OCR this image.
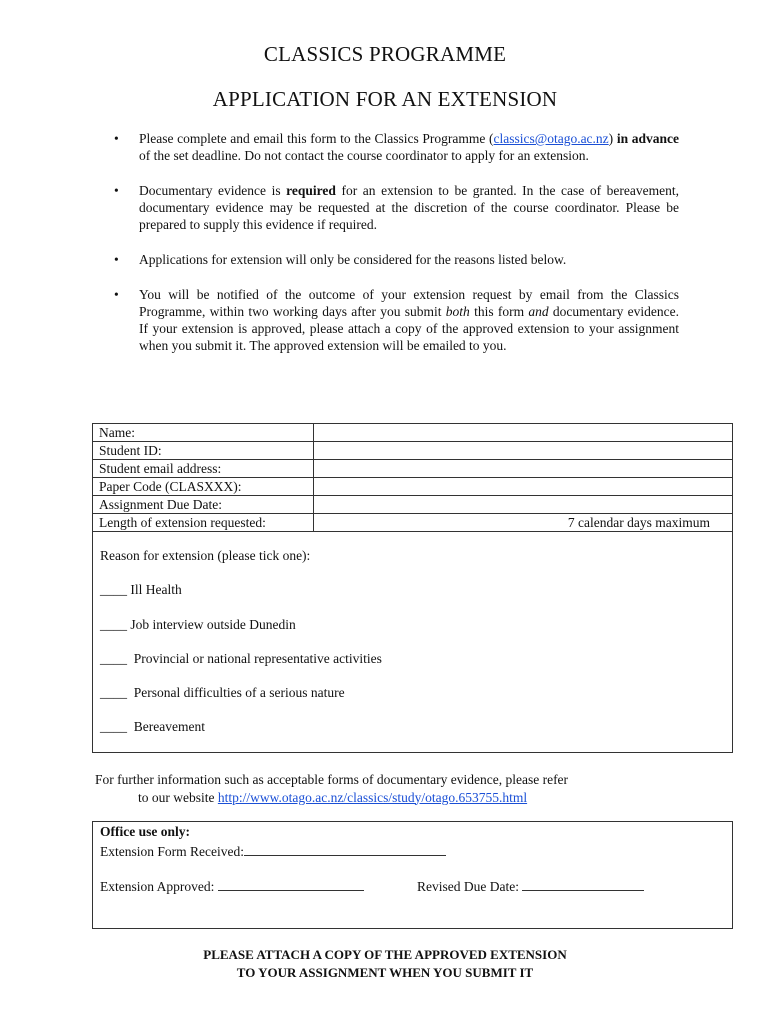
CLASSICS PROGRAMME
APPLICATION FOR AN EXTENSION
• Please complete and email this form to the Classics Programme (classics@otago.ac.nz) in advance of the set deadline. Do not contact the course coordinator to apply for an extension.
• Documentary evidence is required for an extension to be granted. In the case of bereavement, documentary evidence may be requested at the discretion of the course coordinator. Please be prepared to supply this evidence if required.
• Applications for extension will only be considered for the reasons listed below.
• You will be notified of the outcome of your extension request by email from the Classics Programme, within two working days after you submit both this form and documentary evidence. If your extension is approved, please attach a copy of the approved extension to your assignment when you submit it. The approved extension will be emailed to you.
Name:	
Student ID:	
Student email address:	
Paper Code (CLASXXX):	
Assignment Due Date:	
Length of extension requested:	7 calendar days maximum
Reason for extension (please tick one):
____ Ill Health
____ Job interview outside Dunedin
____  Provincial or national representative activities
____  Personal difficulties of a serious nature
____  Bereavement
For further information such as acceptable forms of documentary evidence, please refer
to our website http://www.otago.ac.nz/classics/study/otago.653755.html
Office use only:
Extension Form Received:
Extension Approved:	Revised Due Date:
PLEASE ATTACH A COPY OF THE APPROVED EXTENSION
TO YOUR ASSIGNMENT WHEN YOU SUBMIT IT
